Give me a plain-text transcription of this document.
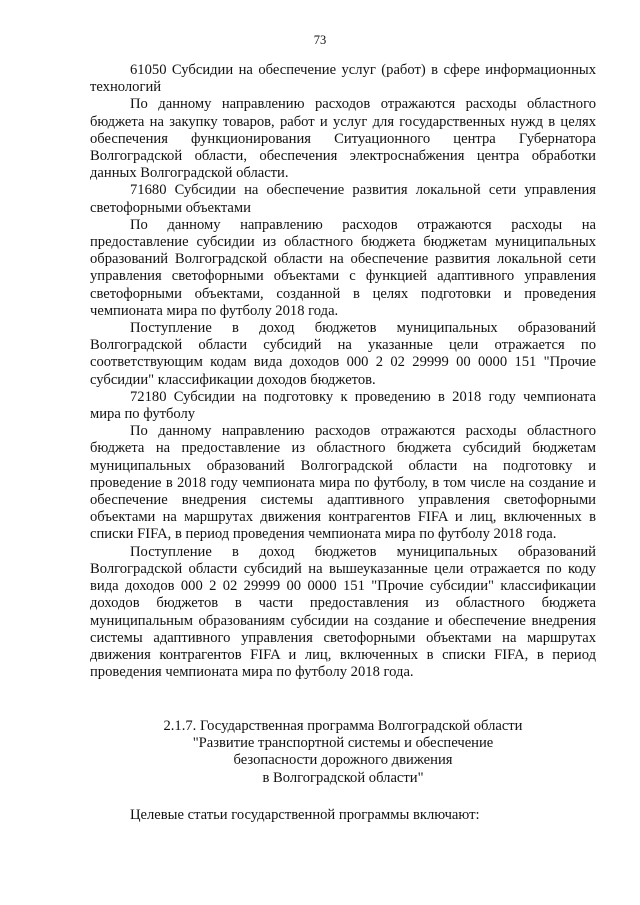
73

61050 Субсидии на обеспечение услуг (работ) в сфере информационных технологий

По данному направлению расходов отражаются расходы областного бюджета на закупку товаров, работ и услуг для государственных нужд в целях обеспечения функционирования Ситуационного центра Губернатора Волгоградской области, обеспечения электроснабжения центра обработки данных Волгоградской области.

71680 Субсидии на обеспечение развития локальной сети управления светофорными объектами

По данному направлению расходов отражаются расходы на предоставление субсидии из областного бюджета бюджетам муниципальных образований Волгоградской области на обеспечение развития локальной сети управления светофорными объектами с функцией адаптивного управления светофорными объектами, созданной в целях подготовки и проведения чемпионата мира по футболу 2018 года.

Поступление в доход бюджетов муниципальных образований Волгоградской области субсидий на указанные цели отражается по соответствующим кодам вида доходов 000 2 02 29999 00 0000 151 "Прочие субсидии" классификации доходов бюджетов.

72180 Субсидии на подготовку к проведению в 2018 году чемпионата мира по футболу

По данному направлению расходов отражаются расходы областного бюджета на предоставление из областного бюджета субсидий бюджетам муниципальных образований Волгоградской области на подготовку и проведение в 2018 году чемпионата мира по футболу, в том числе на создание и обеспечение внедрения системы адаптивного управления светофорными объектами на маршрутах движения контрагентов FIFA и лиц, включенных в списки FIFA, в период проведения чемпионата мира по футболу 2018 года.

Поступление в доход бюджетов муниципальных образований Волгоградской области субсидий на вышеуказанные цели отражается по коду вида доходов 000 2 02 29999 00 0000 151 "Прочие субсидии" классификации доходов бюджетов в части предоставления из областного бюджета муниципальным образованиям субсидии на создание и обеспечение внедрения системы адаптивного управления светофорными объектами на маршрутах движения контрагентов FIFA и лиц, включенных в списки FIFA, в период проведения чемпионата мира по футболу 2018 года.

2.1.7. Государственная программа Волгоградской области

"Развитие транспортной системы и обеспечение

безопасности дорожного движения

в Волгоградской области"

Целевые статьи государственной программы включают:
